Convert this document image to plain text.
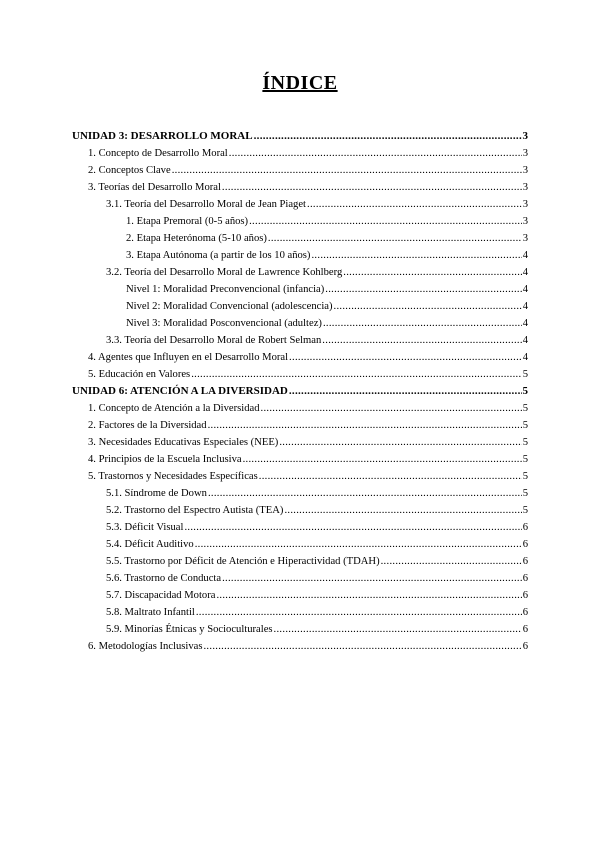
ÍNDICE
UNIDAD 3: DESARROLLO MORAL .....	3
1. Concepto de Desarrollo Moral .....	3
2. Conceptos Clave .....	3
3. Teorías del Desarrollo Moral .....	3
3.1. Teoría del Desarrollo Moral de Jean Piaget .....	3
1. Etapa Premoral (0-5 años) .....	3
2. Etapa Heterónoma (5-10 años) .....	3
3. Etapa Autónoma (a partir de los 10 años) .....	4
3.2. Teoría del Desarrollo Moral de Lawrence Kohlberg .....	4
Nivel 1: Moralidad Preconvencional (infancia) .....	4
Nivel 2: Moralidad Convencional (adolescencia) .....	4
Nivel 3: Moralidad Posconvencional (adultez) .....	4
3.3. Teoría del Desarrollo Moral de Robert Selman .....	4
4. Agentes que Influyen en el Desarrollo Moral .....	4
5. Educación en Valores .....	5
UNIDAD 6: ATENCIÓN A LA DIVERSIDAD .....	5
1. Concepto de Atención a la Diversidad .....	5
2. Factores de la Diversidad .....	5
3. Necesidades Educativas Especiales (NEE) .....	5
4. Principios de la Escuela Inclusiva .....	5
5. Trastornos y Necesidades Específicas .....	5
5.1. Síndrome de Down .....	5
5.2. Trastorno del Espectro Autista (TEA) .....	5
5.3. Déficit Visual .....	6
5.4. Déficit Auditivo .....	6
5.5. Trastorno por Déficit de Atención e Hiperactividad (TDAH) .....	6
5.6. Trastorno de Conducta .....	6
5.7. Discapacidad Motora .....	6
5.8. Maltrato Infantil .....	6
5.9. Minorías Étnicas y Socioculturales .....	6
6. Metodologías Inclusivas .....	6
